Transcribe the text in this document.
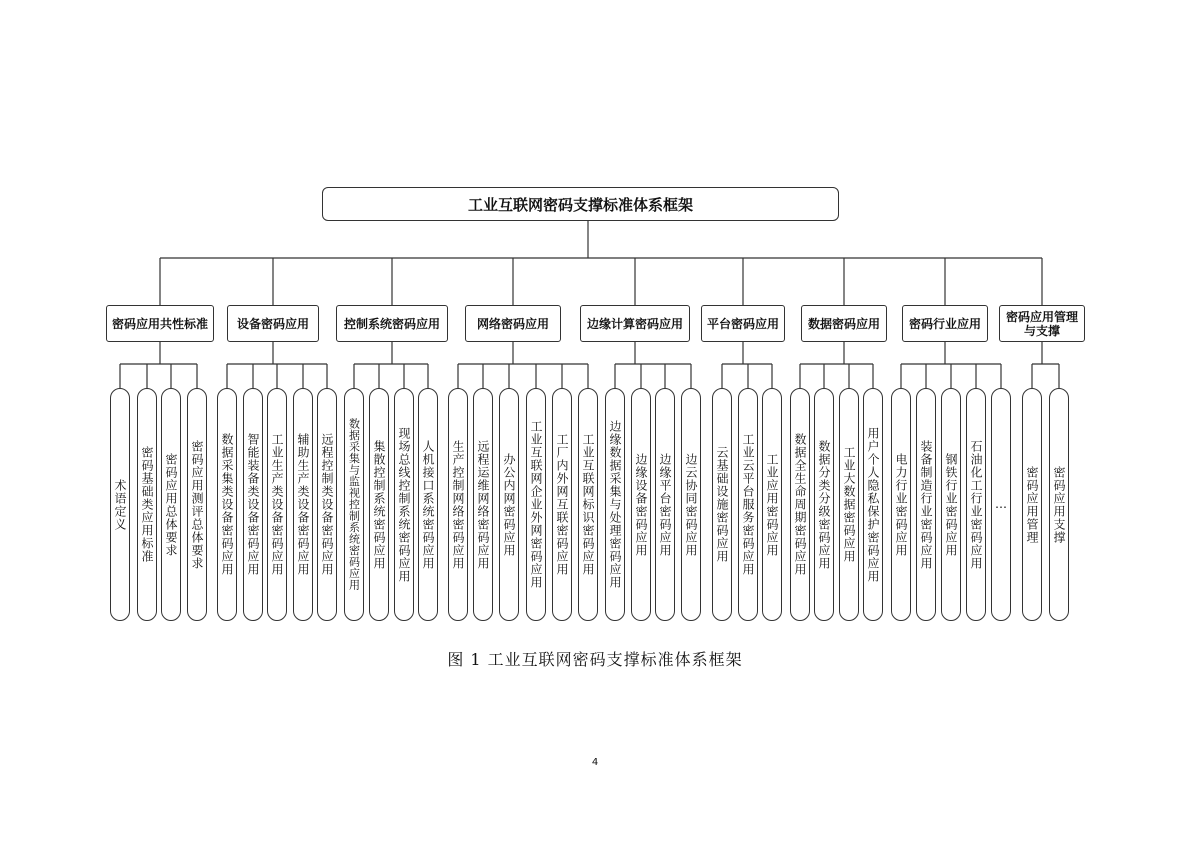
工业互联网密码支撑标准体系框架
密码应用共性标准 设备密码应用	控制系统密码应用	网络密码应用	边缘计算密码应用 平台密码应用 数据密码应用 密码行业应用	密码应用管理与支撑
术语定义 密码基础类应用标准 密码应用总体要求 密码应用测评总体要求 数据采集类设备密码应用 智能装备类设备密码应用 工业生产类设备密码应用 辅助生产类设备密码应用 远程控制类设备密码应用 数据采集与监视控制系统密码应用 集散控制系统密码应用 现场总线控制系统密码应用 人机接口系统密码应用 生产控制网络密码应用 远程运维网络密码应用 办公内网密码应用 工业互联网企业外网密码应用 工厂内外网互联密码应用 工业互联网标识密码应用 边缘数据采集与处理密码应用 边缘设备密码应用 边缘平台密码应用 边云协同密码应用 云基础设施密码应用 工业云平台服务密码应用 工业应用密码应用 数据全生命周期密码应用 数据分类分级密码应用 工业大数据密码应用 用户个人隐私保护密码应用 电力行业密码应用 装备制造行业密码应用 钢铁行业密码应用 石油化工行业密码应用 … 密码应用管理 密码应用支撑
图 1 工业互联网密码支撑标准体系框架
4
